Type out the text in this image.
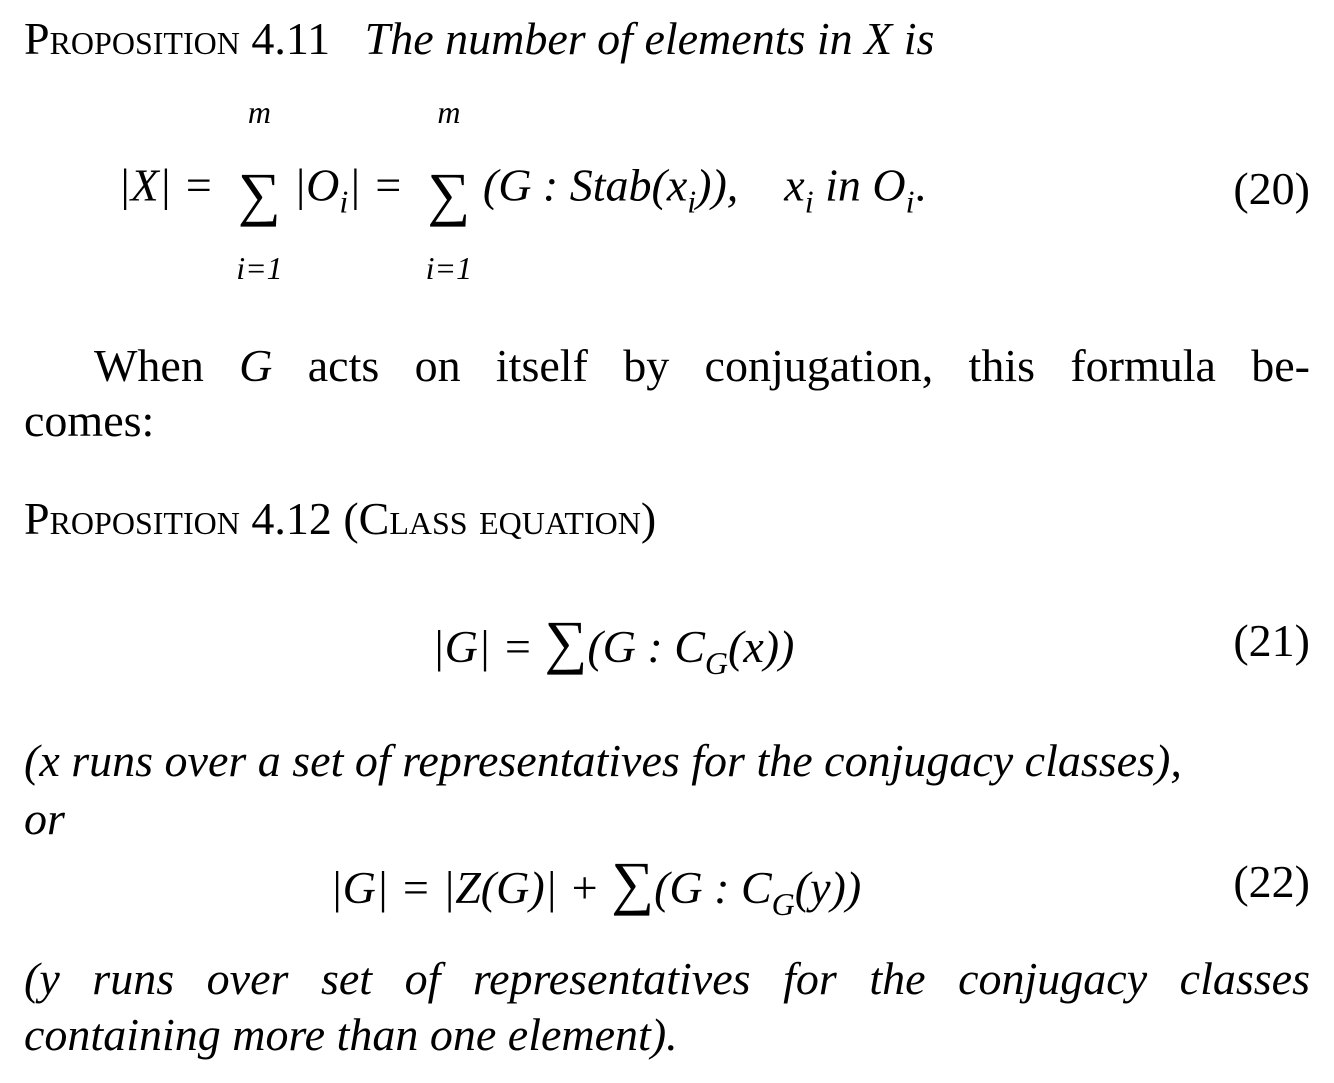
Proposition 4.11 The number of elements in X is
|X| =
m
∑
i=1
$|O_i|$ =
m
∑
i=1
(G : $Stab(x_i)$), $x_i$ in $O_i$.	(20)
When G acts on itself by conjugation, this formula be-
comes:
Proposition 4.12 (Class equation)
|G| = ∑(G : $C_G(x)$)	(21)
(x runs over a set of representatives for the conjugacy classes),
or
|G| = |Z(G)| + ∑(G : $C_G(y)$)	(22)
(y runs over set of representatives for the conjugacy classes
containing more than one element).
